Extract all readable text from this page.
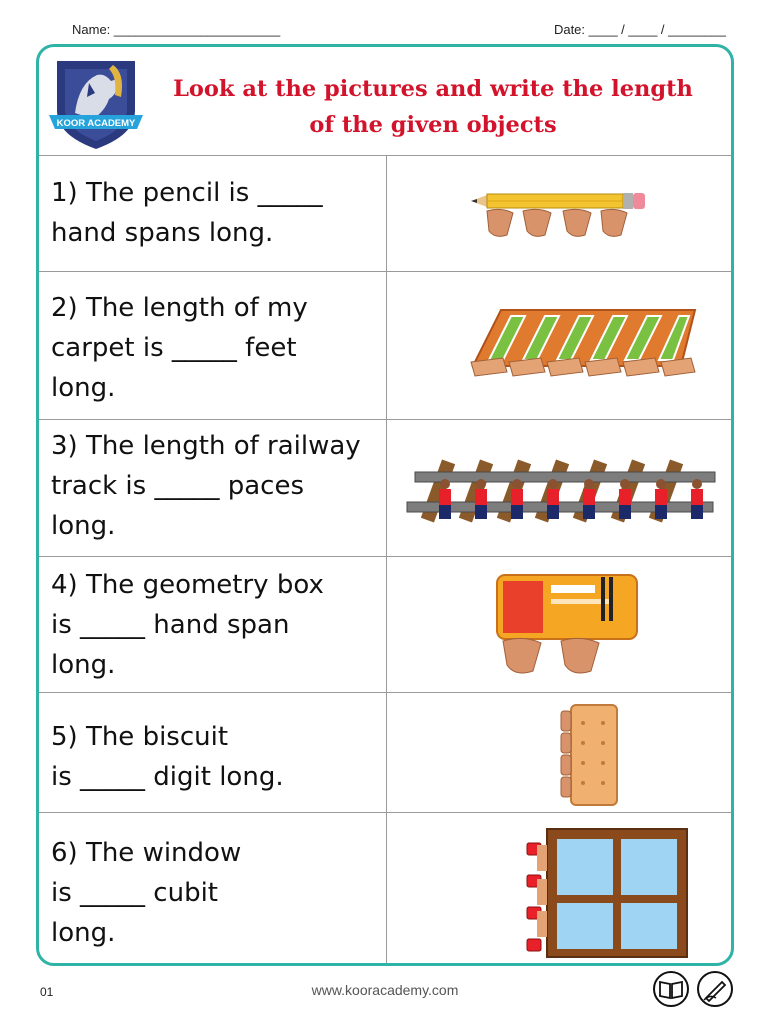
Name: _______________________	Date: ____ / ____ / ________
KOOR ACADEMY
Look at the pictures and write the length
of the given objects
1) The pencil is _____
hand spans long.
2) The length of my
carpet is _____ feet
long.
3) The length of railway
track is _____ paces
long.
4) The geometry box
is _____ hand span
long.
5) The biscuit
is _____ digit long.
6) The window
is _____ cubit
long.
01	www.kooracademy.com
